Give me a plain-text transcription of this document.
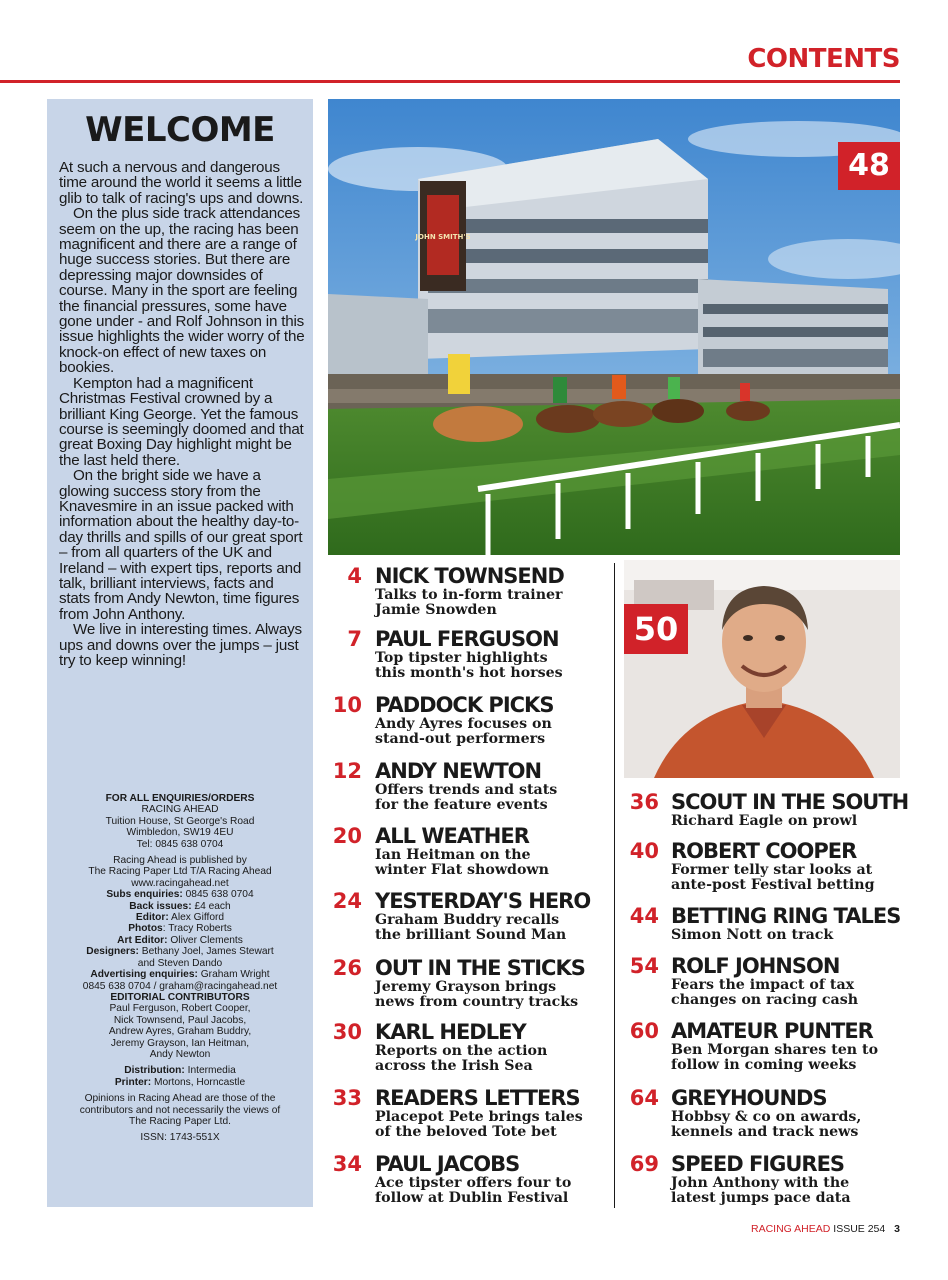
CONTENTS
WELCOME

At such a nervous and dangerous time around the world it seems a little glib to talk of racing's ups and downs.

On the plus side track attendances seem on the up, the racing has been magnificent and there are a range of huge success stories. But there are depressing major downsides of course. Many in the sport are feeling the financial pressures, some have gone under - and Rolf Johnson in this issue highlights the wider worry of the knock-on effect of new taxes on bookies.

Kempton had a magnificent Christmas Festival crowned by a brilliant King George. Yet the famous course is seemingly doomed and that great Boxing Day highlight might be the last held there.

On the bright side we have a glowing success story from the Knavesmire in an issue packed with information about the healthy day-to-day thrills and spills of our great sport – from all quarters of the UK and Ireland – with expert tips, reports and talk, brilliant interviews, facts and stats from Andy Newton, time figures from John Anthony.

We live in interesting times. Always ups and downs over the jumps – just try to keep winning!

FOR ALL ENQUIRIES/ORDERS
RACING AHEAD
Tuition House, St George's Road
Wimbledon, SW19 4EU
Tel: 0845 638 0704
Racing Ahead is published by
The Racing Paper Ltd T/A Racing Ahead
www.racingahead.net
Subs enquiries: 0845 638 0704
Back issues: £4 each
Editor: Alex Gifford
Photos: Tracy Roberts
Art Editor: Oliver Clements
Designers: Bethany Joel, James Stewart
and Steven Dando
Advertising enquiries: Graham Wright
0845 638 0704 / graham@racingahead.net
EDITORIAL CONTRIBUTORS
Paul Ferguson, Robert Cooper,
Nick Townsend, Paul Jacobs,
Andrew Ayres, Graham Buddry,
Jeremy Grayson, Ian Heitman,
Andy Newton
Distribution: Intermedia
Printer: Mortons, Horncastle
Opinions in Racing Ahead are those of the
contributors and not necessarily the views of
The Racing Paper Ltd.
ISSN: 1743-551X
JOHN SMITH'S
48
50
4 NICK TOWNSEND
Talks to in-form trainer
Jamie Snowden
7 PAUL FERGUSON
Top tipster highlights
this month's hot horses
10 PADDOCK PICKS
Andy Ayres focuses on
stand-out performers
12 ANDY NEWTON
Offers trends and stats
for the feature events
20 ALL WEATHER
Ian Heitman on the
winter Flat showdown
24 YESTERDAY'S HERO
Graham Buddry recalls
the brilliant Sound Man
26 OUT IN THE STICKS
Jeremy Grayson brings
news from country tracks
30 KARL HEDLEY
Reports on the action
across the Irish Sea
33 READERS LETTERS
Placepot Pete brings tales
of the beloved Tote bet
34 PAUL JACOBS
Ace tipster offers four to
follow at Dublin Festival
36 SCOUT IN THE SOUTH
Richard Eagle on prowl
40 ROBERT COOPER
Former telly star looks at
ante-post Festival betting
44 BETTING RING TALES
Simon Nott on track
54 ROLF JOHNSON
Fears the impact of tax
changes on racing cash
60 AMATEUR PUNTER
Ben Morgan shares ten to
follow in coming weeks
64 GREYHOUNDS
Hobbsy & co on awards,
kennels and track news
69 SPEED FIGURES
John Anthony with the
latest jumps pace data
RACING AHEAD ISSUE 254 3
